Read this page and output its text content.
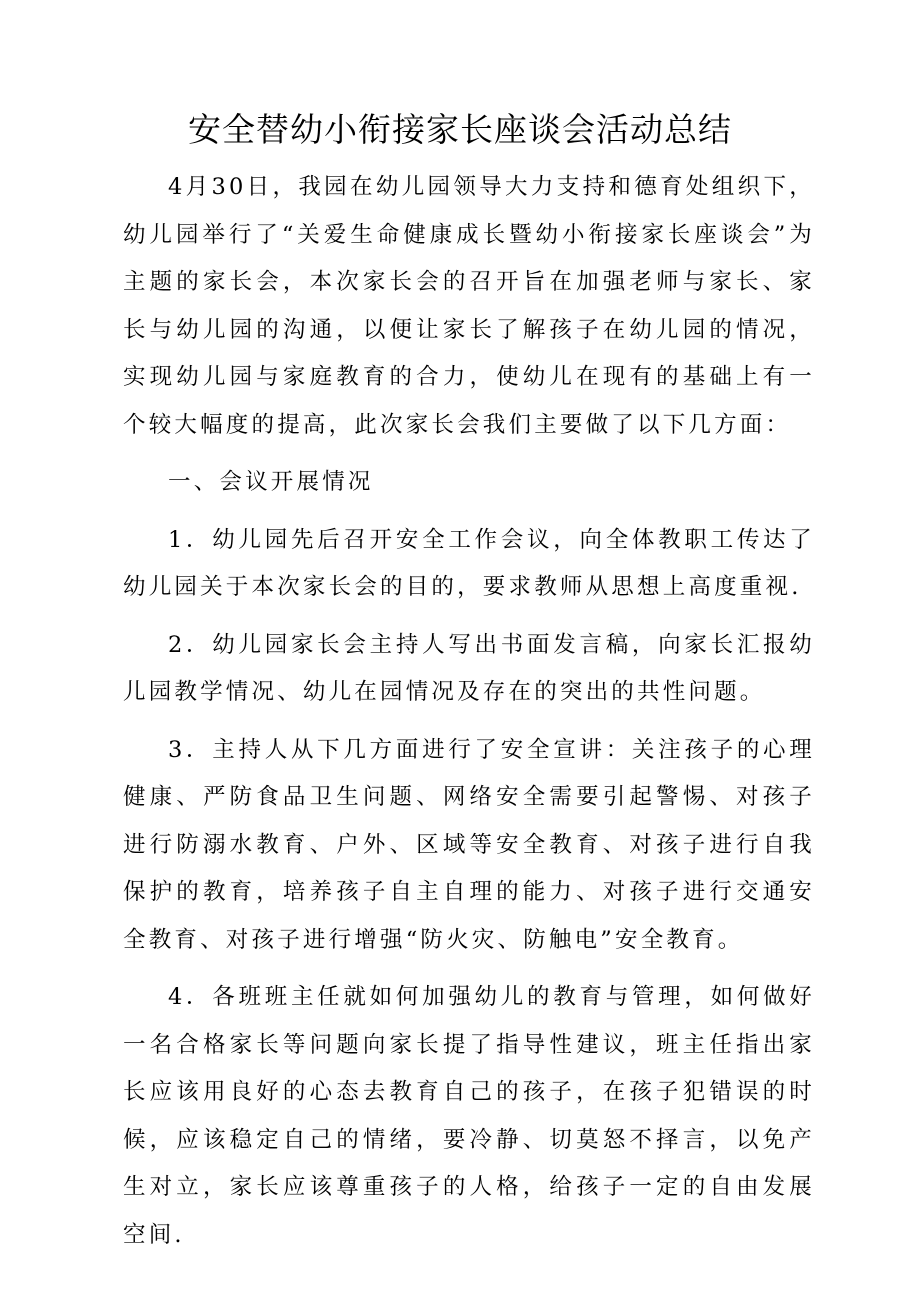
安全替幼小衔接家长座谈会活动总结

4月30日，我园在幼儿园领导大力支持和德育处组织下，幼儿园举行了“关爱生命健康成长暨幼小衔接家长座谈会”为主题的家长会，本次家长会的召开旨在加强老师与家长、家长与幼儿园的沟通，以便让家长了解孩子在幼儿园的情况，实现幼儿园与家庭教育的合力，使幼儿在现有的基础上有一个较大幅度的提高，此次家长会我们主要做了以下几方面：

一、会议开展情况

1．幼儿园先后召开安全工作会议，向全体教职工传达了幼儿园关于本次家长会的目的，要求教师从思想上高度重视.

2．幼儿园家长会主持人写出书面发言稿，向家长汇报幼儿园教学情况、幼儿在园情况及存在的突出的共性问题。

3．主持人从下几方面进行了安全宣讲：关注孩子的心理健康、严防食品卫生问题、网络安全需要引起警惕、对孩子进行防溺水教育、户外、区域等安全教育、对孩子进行自我保护的教育，培养孩子自主自理的能力、对孩子进行交通安全教育、对孩子进行增强“防火灾、防触电”安全教育。

4．各班班主任就如何加强幼儿的教育与管理，如何做好一名合格家长等问题向家长提了指导性建议，班主任指出家长应该用良好的心态去教育自己的孩子，在孩子犯错误的时候，应该稳定自己的情绪，要冷静、切莫怒不择言，以免产生对立，家长应该尊重孩子的人格，给孩子一定的自由发展空间.
